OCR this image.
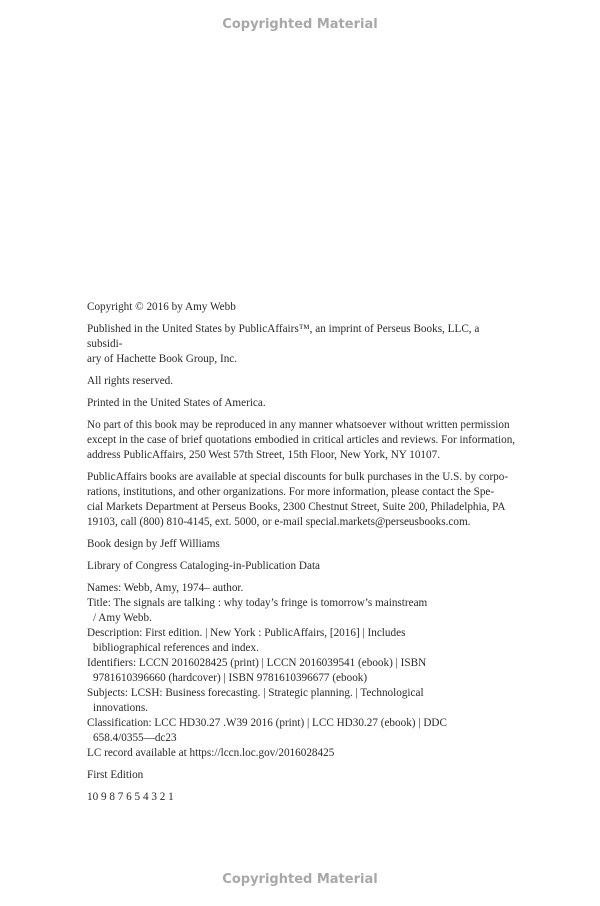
Copyrighted Material
Copyright © 2016 by Amy Webb
Published in the United States by PublicAffairs™, an imprint of Perseus Books, LLC, a subsidi-
ary of Hachette Book Group, Inc.
All rights reserved.
Printed in the United States of America.
No part of this book may be reproduced in any manner whatsoever without written permission
except in the case of brief quotations embodied in critical articles and reviews. For information,
address PublicAffairs, 250 West 57th Street, 15th Floor, New York, NY 10107.
PublicAffairs books are available at special discounts for bulk purchases in the U.S. by corpo-
rations, institutions, and other organizations. For more information, please contact the Spe-
cial Markets Department at Perseus Books, 2300 Chestnut Street, Suite 200, Philadelphia, PA
19103, call (800) 810-4145, ext. 5000, or e-mail special.markets@perseusbooks.com.
Book design by Jeff Williams
Library of Congress Cataloging-in-Publication Data
Names: Webb, Amy, 1974– author.
Title: The signals are talking : why today’s fringe is tomorrow’s mainstream
/ Amy Webb.
Description: First edition. | New York : PublicAffairs, [2016] | Includes
bibliographical references and index.
Identifiers: LCCN 2016028425 (print) | LCCN 2016039541 (ebook) | ISBN
9781610396660 (hardcover) | ISBN 9781610396677 (ebook)
Subjects: LCSH: Business forecasting. | Strategic planning. | Technological
innovations.
Classification: LCC HD30.27 .W39 2016 (print) | LCC HD30.27 (ebook) | DDC
658.4/0355—dc23
LC record available at https://lccn.loc.gov/2016028425
First Edition
10 9 8 7 6 5 4 3 2 1
Copyrighted Material
